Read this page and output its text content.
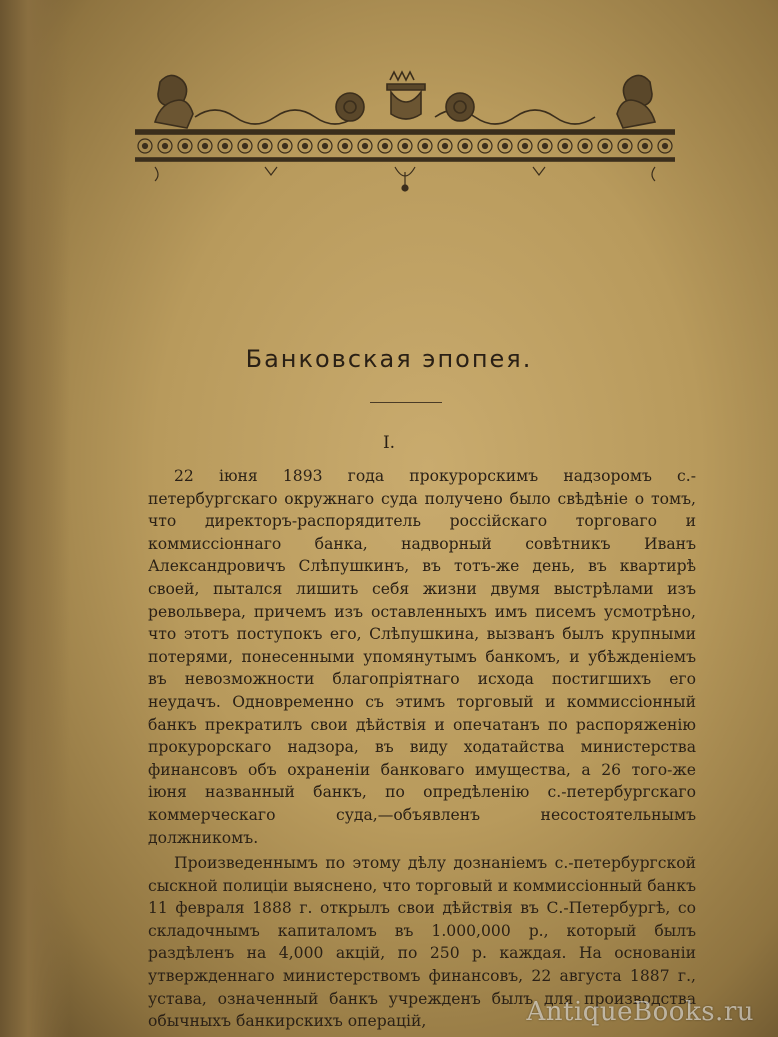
Банковская эпопея.
I.

22 іюня 1893 года прокурорскимъ надзоромъ с.-петербургскаго окружнаго суда получено было свѣдѣніе о томъ, что директоръ-распорядитель россійскаго торговаго и коммиссіоннаго банка, надворный совѣтникъ Иванъ Александровичъ Слѣпушкинъ, въ тотъ-же день, въ квартирѣ своей, пытался лишить себя жизни двумя выстрѣлами изъ револьвера, причемъ изъ оставленныхъ имъ писемъ усмотрѣно, что этотъ поступокъ его, Слѣпушкина, вызванъ былъ крупными потерями, понесенными упомянутымъ банкомъ, и убѣжденіемъ въ невозможности благопріятнаго исхода постигшихъ его неудачъ. Одновременно съ этимъ торговый и коммиссіонный банкъ прекратилъ свои дѣйствія и опечатанъ по распоряженію прокурорскаго надзора, въ виду ходатайства министерства финансовъ объ охраненіи банковаго имущества, а 26 того-же іюня названный банкъ, по опредѣленію с.-петербургскаго коммерческаго суда,—объявленъ несостоятельнымъ должникомъ.

Произведеннымъ по этому дѣлу дознаніемъ с.-петербургской сыскной полиціи выяснено, что торговый и коммиссіонный банкъ 11 февраля 1888 г. открылъ свои дѣйствія въ С.-Петербургѣ, со складочнымъ капиталомъ въ 1.000,000 р., который былъ раздѣленъ на 4,000 акцій, по 250 р. каждая. На основаніи утвержденнаго министерствомъ финансовъ, 22 августа 1887 г., устава, означенный банкъ учрежденъ былъ для производства обычныхъ банкирскихъ операцій,	AntiqueBooks.ru
